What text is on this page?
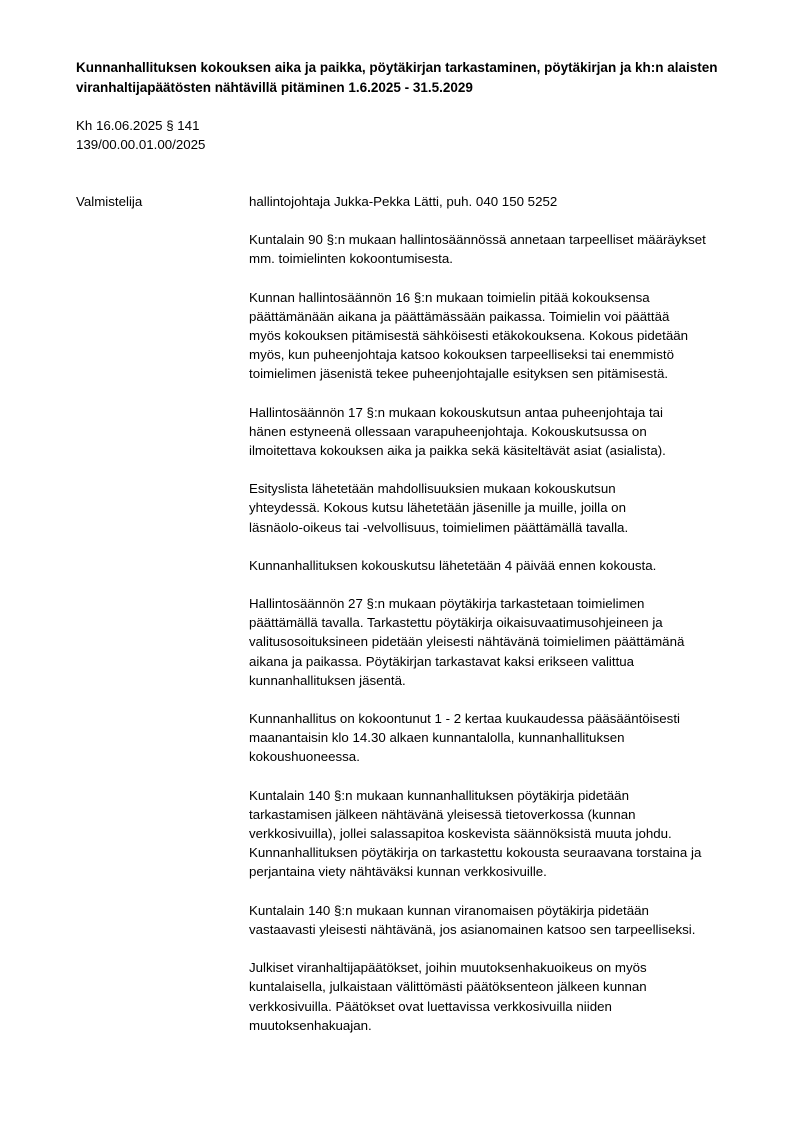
Kunnanhallituksen kokouksen aika ja paikka, pöytäkirjan tarkastaminen, pöytäkirjan ja kh:n alaisten viranhaltijapäätösten nähtävillä pitäminen 1.6.2025 - 31.5.2029
Kh 16.06.2025 § 141
139/00.00.01.00/2025
Valmistelija	hallintojohtaja Jukka-Pekka Lätti, puh. 040 150 5252

Kuntalain 90 §:n mukaan hallintosäännössä annetaan tarpeelliset määräykset
mm. toimielinten kokoontumisesta.

Kunnan hallintosäännön 16 §:n mukaan toimielin pitää kokouksensa
päättämänään aikana ja päättämässään paikassa. Toimielin voi päättää
myös kokouksen pitämisestä sähköisesti etäkokouksena. Kokous pidetään
myös, kun puheenjohtaja katsoo kokouksen tarpeelliseksi tai enemmistö
toimielimen jäsenistä tekee puheenjohtajalle esityksen sen pitämisestä.

Hallintosäännön 17 §:n mukaan kokouskutsun antaa puheenjohtaja tai
hänen estyneenä ollessaan varapuheenjohtaja. Kokouskutsussa on
ilmoitettava kokouksen aika ja paikka sekä käsiteltävät asiat (asialista).

Esityslista lähetetään mahdollisuuksien mukaan kokouskutsun
yhteydessä. Kokous kutsu lähetetään jäsenille ja muille, joilla on
läsnäolo-oikeus tai -velvollisuus, toimielimen päättämällä tavalla.

Kunnanhallituksen kokouskutsu lähetetään 4 päivää ennen kokousta.

Hallintosäännön 27 §:n mukaan pöytäkirja tarkastetaan toimielimen
päättämällä tavalla. Tarkastettu pöytäkirja oikaisuvaatimusohjeineen ja
valitusosoituksineen pidetään yleisesti nähtävänä toimielimen päättämänä
aikana ja paikassa. Pöytäkirjan tarkastavat kaksi erikseen valittua
kunnanhallituksen jäsentä.

Kunnanhallitus on kokoontunut 1 - 2 kertaa kuukaudessa pääsääntöisesti
maanantaisin klo 14.30 alkaen kunnantalolla, kunnanhallituksen
kokoushuoneessa.

Kuntalain 140 §:n mukaan kunnanhallituksen pöytäkirja pidetään
tarkastamisen jälkeen nähtävänä yleisessä tietoverkossa (kunnan
verkkosivuilla), jollei salassapitoa koskevista säännöksistä muuta johdu.
Kunnanhallituksen pöytäkirja on tarkastettu kokousta seuraavana torstaina ja
perjantaina viety nähtäväksi kunnan verkkosivuille.

Kuntalain 140 §:n mukaan kunnan viranomaisen pöytäkirja pidetään
vastaavasti yleisesti nähtävänä, jos asianomainen katsoo sen tarpeelliseksi.

Julkiset viranhaltijapäätökset, joihin muutoksenhakuoikeus on myös
kuntalaisella, julkaistaan välittömästi päätöksenteon jälkeen kunnan
verkkosivuilla. Päätökset ovat luettavissa verkkosivuilla niiden
muutoksenhakuajan.
